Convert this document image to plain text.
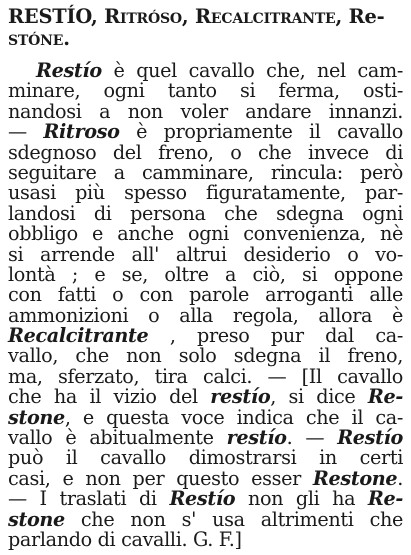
RESTÍO, Ritróso, Recalcitrante, Re-
stóne.
Restío è quel cavallo che, nel cam-
minare, ogni tanto si ferma, osti-
nandosi a non voler andare innanzi.
— Ritroso è propriamente il cavallo
sdegnoso del freno, o che invece di
seguitare a camminare, rincula: però
usasi più spesso figuratamente, par-
landosi di persona che sdegna ogni
obbligo e anche ogni convenienza, nè
si arrende all' altrui desiderio o vo-
lontà ; e se, oltre a ciò, si oppone
con fatti o con parole arroganti alle
ammonizioni o alla regola, allora è
Recalcitrante , preso pur dal ca-
vallo, che non solo sdegna il freno,
ma, sferzato, tira calci. — [Il cavallo
che ha il vizio del restío, si dice Re-
stone, e questa voce indica che il ca-
vallo è abitualmente restío. — Restío
può il cavallo dimostrarsi in certi
casi, e non per questo esser Restone.
— I traslati di Restío non gli ha Re-
stone che non s' usa altrimenti che
parlando di cavalli. G. F.]
